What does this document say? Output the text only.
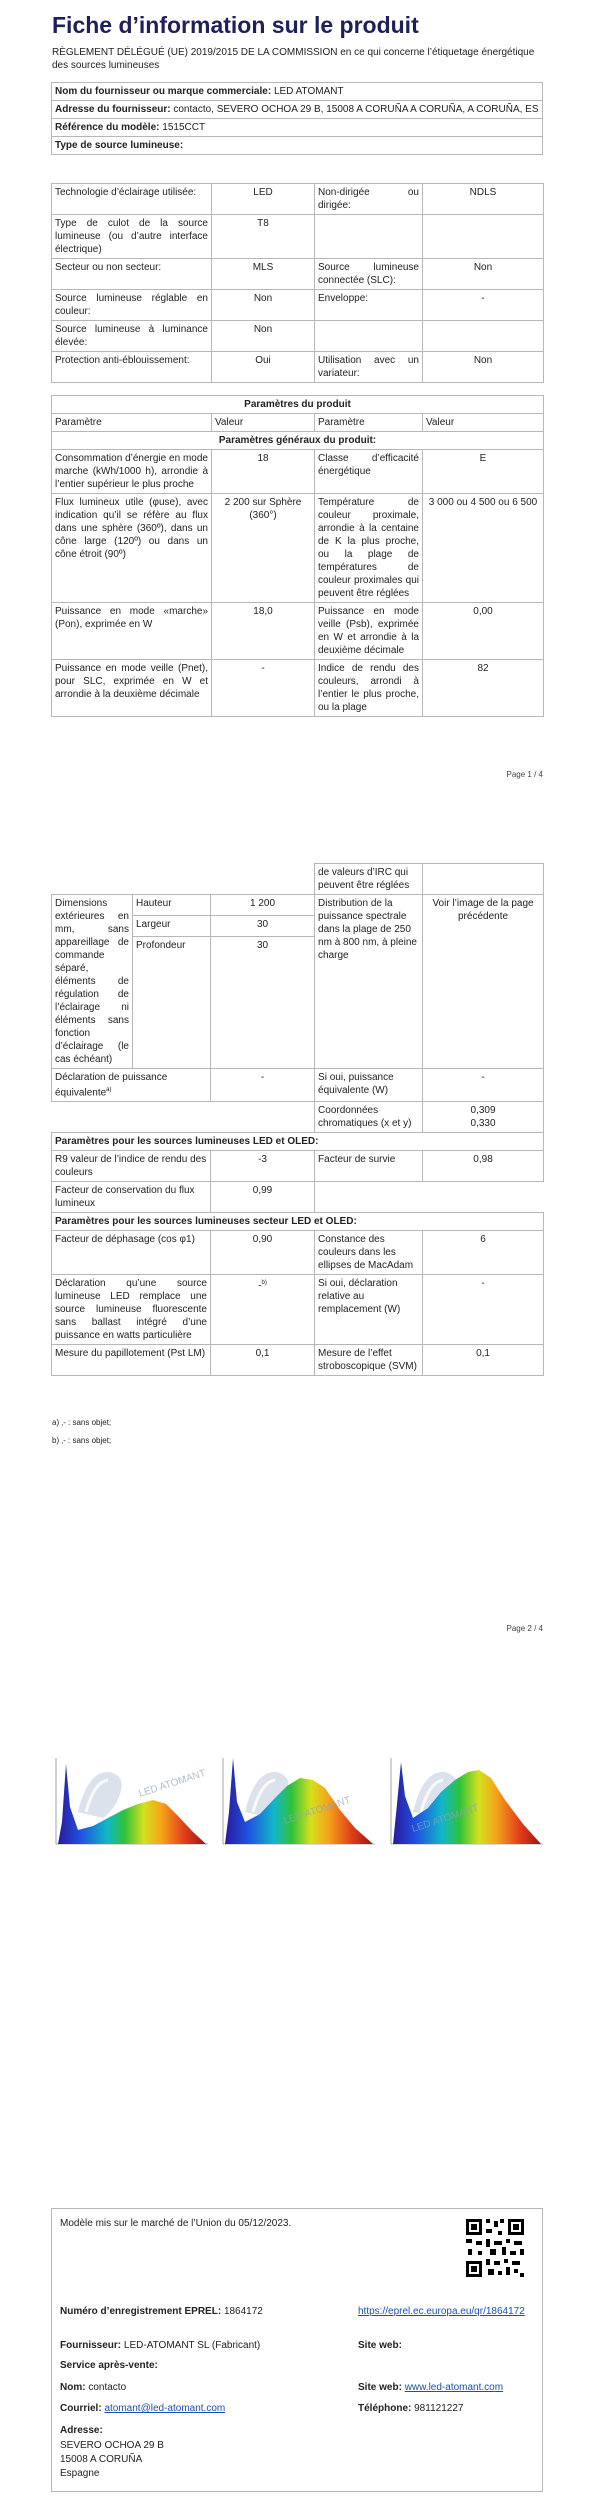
Fiche d’information sur le produit
RÈGLEMENT DÉLÉGUÉ (UE) 2019/2015 DE LA COMMISSION en ce qui concerne l’étiquetage énergétique des sources lumineuses
Nom du fournisseur ou marque commerciale: LED ATOMANT
Adresse du fournisseur: contacto, SEVERO OCHOA 29 B, 15008 A CORUÑA A CORUÑA, A CORUÑA, ES
Référence du modèle: 1515CCT
Type de source lumineuse:
Technologie d’éclairage utilisée:	LED	Non-dirigée ou dirigée:	NDLS
Type de culot de la source lumineuse (ou d’autre interface électrique)	T8		
Secteur ou non secteur:	MLS	Source lumineuse connectée (SLC):	Non
Source lumineuse réglable en couleur:	Non	Enveloppe:	-
Source lumineuse à luminance élevée:	Non		
Protection anti-éblouissement:	Oui	Utilisation avec un variateur:	Non
Paramètres du produit			
Paramètre	Valeur	Paramètre	Valeur
Paramètres généraux du produit:			
Consommation d’énergie en mode marche (kWh/1000 h), arrondie à l’entier supérieur le plus proche	18	Classe d’efficacité énergétique	E
Flux lumineux utile (φuse), avec indication qu’il se réfère au flux dans une sphère (360º), dans un cône large (120º) ou dans un cône étroit (90º)	2 200 sur Sphère (360°)	Température de couleur proximale, arrondie à la centaine de K la plus proche, ou la plage de températures de couleur proximales qui peuvent être réglées	3 000 ou 4 500 ou 6 500
Puissance en mode «marche» (Pon), exprimée en W	18,0	Puissance en mode veille (Psb), exprimée en W et arrondie à la deuxième décimale	0,00
Puissance en mode veille (Pnet), pour SLC, exprimée en W et arrondie à la deuxième décimale	-	Indice de rendu des couleurs, arrondi à l’entier le plus proche, ou la plage	82
Page 1 / 4
			de valeurs d’IRC qui peuvent être réglées	
Dimensions extérieures en mm, sans appareillage de commande séparé, éléments de régulation de l’éclairage ni éléments sans fonction d’éclairage (le cas échéant)	Hauteur	1 200	Distribution de la puissance spectrale dans la plage de 250 nm à 800 nm, à pleine charge	Voir l’image de la page précédente
	Largeur	30		
	Profondeur	30		
Déclaration de puissance équivalente$^{a)}$		-	Si oui, puissance équivalente (W)	-
			Coordonnées chromatiques (x et y)	0,309
0,330

Paramètres pour les sources lumineuses LED et OLED:				
R9 valeur de l’indice de rendu des couleurs		-3	Facteur de survie	0,98
Facteur de conservation du flux lumineux		0,99		
Paramètres pour les sources lumineuses secteur LED et OLED:				
Facteur de déphasage (cos φ1)		0,90	Constance des couleurs dans les ellipses de MacAdam	6
Déclaration qu’une source lumineuse LED remplace une source lumineuse fluorescente sans ballast intégré d’une puissance en watts particulière		-$^{b)}$	Si oui, déclaration relative au remplacement (W)	-
Mesure du papillotement (Pst LM)		0,1	Mesure de l’effet stroboscopique (SVM)	0,1
a) ‚- : sans objet;
b) ‚- : sans objet;
Page 2 / 4
Modèle mis sur le marché de l’Union du 05/12/2023.
Numéro d’enregistrement EPREL: 1864172	https://eprel.ec.europa.eu/qr/1864172
Fournisseur: LED-ATOMANT SL (Fabricant)	Site web:
Service après-vente:
Nom: contacto	Site web: www.led-atomant.com
Courriel: atomant@led-atomant.com	Téléphone: 981121227
Adresse:
SEVERO OCHOA 29 B
15008 A CORUÑA
Espagne
